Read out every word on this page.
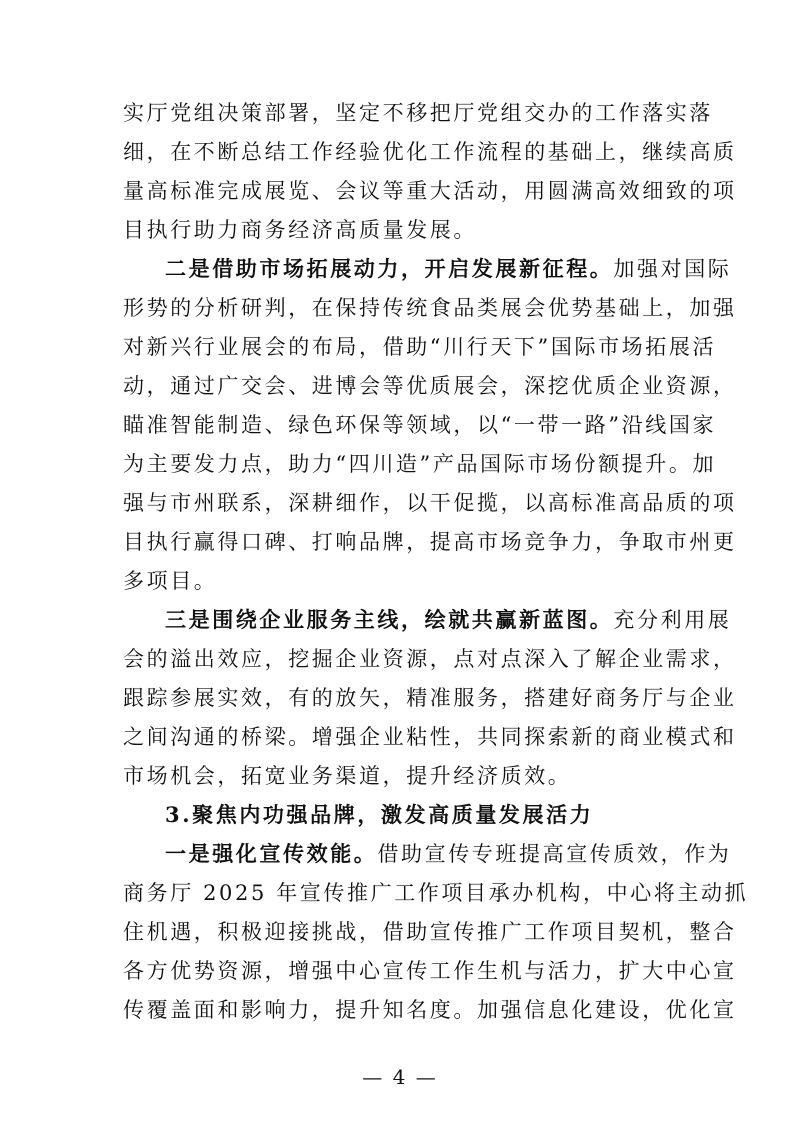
实厅党组决策部署，坚定不移把厅党组交办的工作落实落
细，在不断总结工作经验优化工作流程的基础上，继续高质
量高标准完成展览、会议等重大活动，用圆满高效细致的项
目执行助力商务经济高质量发展。
二是借助市场拓展动力，开启发展新征程。加强对国际
形势的分析研判，在保持传统食品类展会优势基础上，加强
对新兴行业展会的布局，借助“川行天下”国际市场拓展活
动，通过广交会、进博会等优质展会，深挖优质企业资源，
瞄准智能制造、绿色环保等领域，以“一带一路”沿线国家
为主要发力点，助力“四川造”产品国际市场份额提升。加
强与市州联系，深耕细作，以干促揽，以高标准高品质的项
目执行赢得口碑、打响品牌，提高市场竞争力，争取市州更
多项目。
三是围绕企业服务主线，绘就共赢新蓝图。充分利用展
会的溢出效应，挖掘企业资源，点对点深入了解企业需求，
跟踪参展实效，有的放矢，精准服务，搭建好商务厅与企业
之间沟通的桥梁。增强企业粘性，共同探索新的商业模式和
市场机会，拓宽业务渠道，提升经济质效。
3.聚焦内功强品牌，激发高质量发展活力
一是强化宣传效能。借助宣传专班提高宣传质效，作为
商务厅 2025 年宣传推广工作项目承办机构，中心将主动抓
住机遇，积极迎接挑战，借助宣传推广工作项目契机，整合
各方优势资源，增强中心宣传工作生机与活力，扩大中心宣
传覆盖面和影响力，提升知名度。加强信息化建设，优化宣
— 4 —
